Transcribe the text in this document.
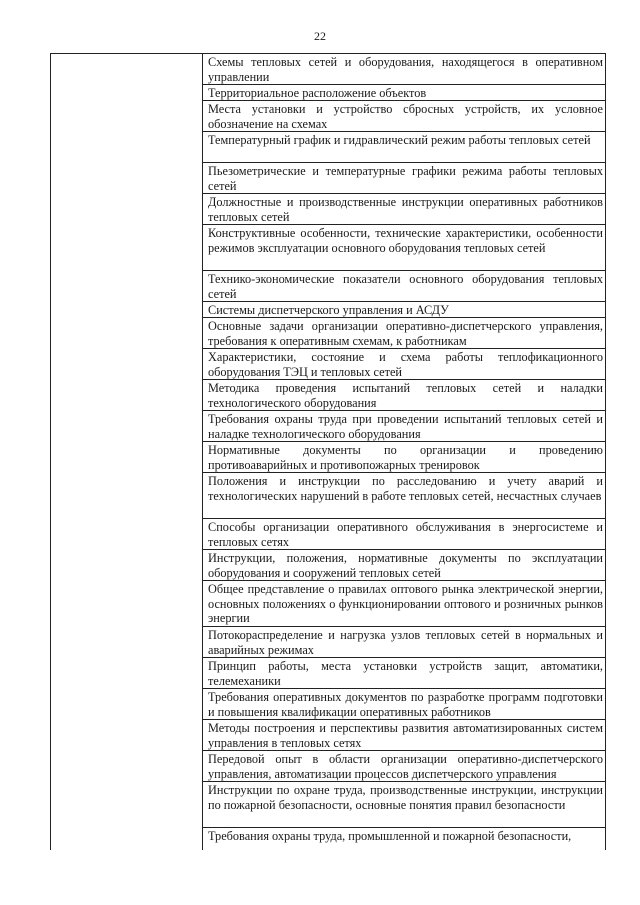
22
Схемы тепловых сетей и оборудования, находящегося в оперативном управлении
Территориальное расположение объектов
Места установки и устройство сбросных устройств, их условное обозначение на схемах
Температурный график и гидравлический режим работы тепловых сетей
Пьезометрические и температурные графики режима работы тепловых сетей
Должностные и производственные инструкции оперативных работников тепловых сетей
Конструктивные особенности, технические характеристики, особенности режимов эксплуатации основного оборудования тепловых сетей
Технико-экономические показатели основного оборудования тепловых сетей
Системы диспетчерского управления и АСДУ
Основные задачи организации оперативно-диспетчерского управления, требования к оперативным схемам, к работникам
Характеристики, состояние и схема работы теплофикационного оборудования ТЭЦ и тепловых сетей
Методика проведения испытаний тепловых сетей и наладки технологического оборудования
Требования охраны труда при проведении испытаний тепловых сетей и наладке технологического оборудования
Нормативные документы по организации и проведению противоаварийных и противопожарных тренировок
Положения и инструкции по расследованию и учету аварий и технологических нарушений в работе тепловых сетей, несчастных случаев
Способы организации оперативного обслуживания в энергосистеме и тепловых сетях
Инструкции, положения, нормативные документы по эксплуатации оборудования и сооружений тепловых сетей
Общее представление о правилах оптового рынка электрической энергии, основных положениях о функционировании оптового и розничных рынков энергии
Потокораспределение и нагрузка узлов тепловых сетей в нормальных и аварийных режимах
Принцип работы, места установки устройств защит, автоматики, телемеханики
Требования оперативных документов по разработке программ подготовки и повышения квалификации оперативных работников
Методы построения и перспективы развития автоматизированных систем управления в тепловых сетях
Передовой опыт в области организации оперативно-диспетчерского управления, автоматизации процессов диспетчерского управления
Инструкции по охране труда, производственные инструкции, инструкции по пожарной безопасности, основные понятия правил безопасности
Требования охраны труда, промышленной и пожарной безопасности,
